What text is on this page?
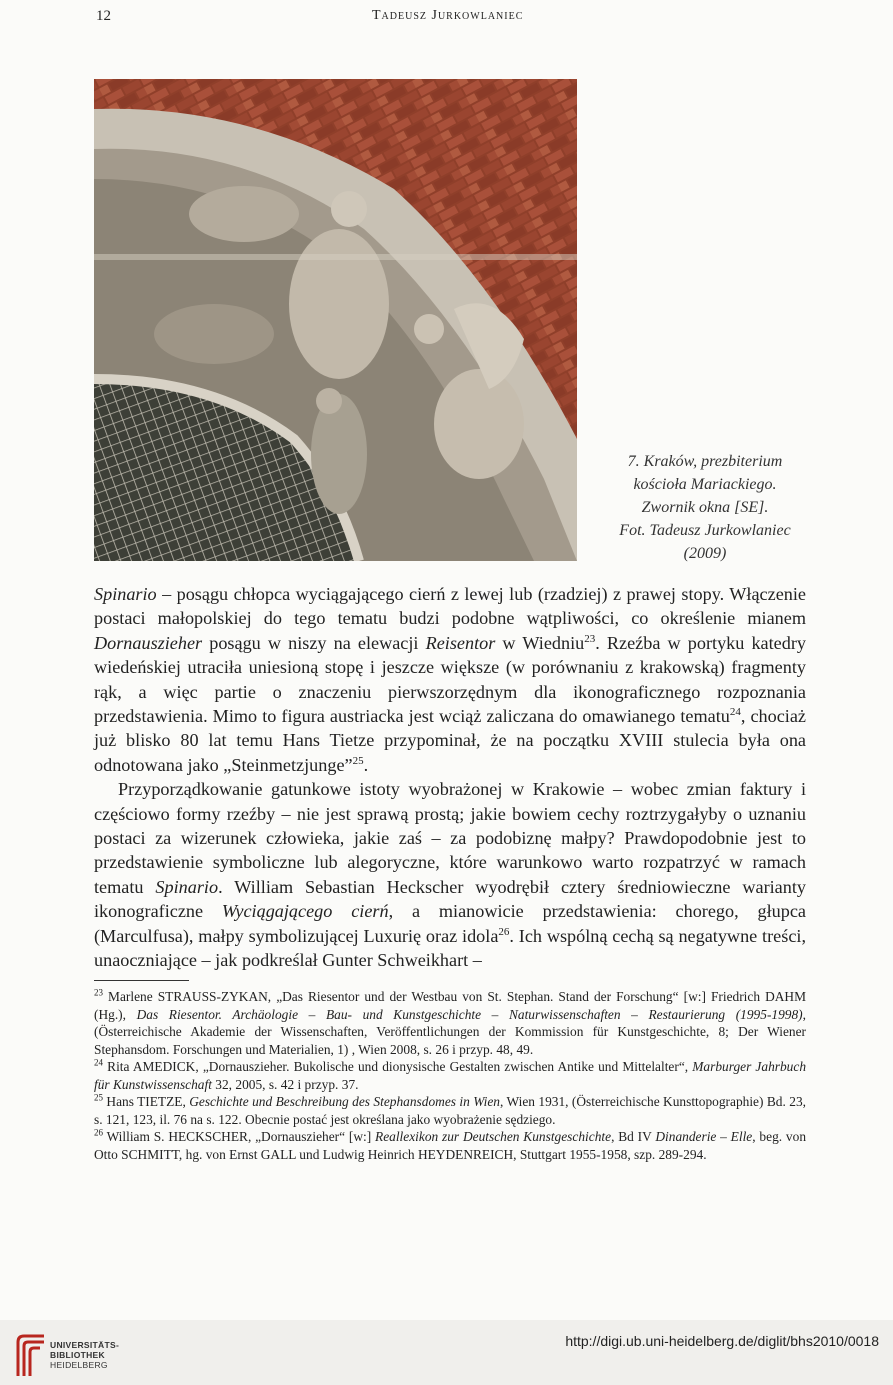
12	Tadeusz Jurkowlaniec
7. Kraków, prezbiterium
kościoła Mariackiego.
Zwornik okna [SE].
Fot. Tadeusz Jurkowlaniec
(2009)

Spinario – posągu chłopca wyciągającego cierń z lewej lub (rzadziej) z prawej stopy. Włączenie postaci małopolskiej do tego tematu budzi podobne wątpliwości, co określenie mianem Dornauszieher posągu w niszy na elewacji Reisentor w Wiedniu$^{23}$. Rzeźba w portyku katedry wiedeńskiej utraciła uniesioną stopę i jeszcze większe (w porównaniu z krakowską) fragmenty rąk, a więc partie o znaczeniu pierwszorzędnym dla ikonograficznego rozpoznania przedstawienia. Mimo to figura austriacka jest wciąż zaliczana do omawianego tematu$^{24}$, chociaż już blisko 80 lat temu Hans Tietze przypominał, że na początku XVIII stulecia była ona odnotowana jako „Steinmetzjunge”$^{25}$.

Przyporządkowanie gatunkowe istoty wyobrażonej w Krakowie – wobec zmian faktury i częściowo formy rzeźby – nie jest sprawą prostą; jakie bowiem cechy roztrzygałyby o uznaniu postaci za wizerunek człowieka, jakie zaś – za podobiznę małpy? Prawdopodobnie jest to przedstawienie symboliczne lub alegoryczne, które warunkowo warto rozpatrzyć w ramach tematu Spinario. William Sebastian Heckscher wyodrębił cztery średniowieczne warianty ikonograficzne Wyciągającego cierń, a mianowicie przedstawienia: chorego, głupca (Marculfusa), małpy symbolizującej Luxurię oraz idola$^{26}$. Ich wspólną cechą są negatywne treści, unaoczniające – jak podkreślał Gunter Schweikhart –

$^{23}$ Marlene STRAUSS-ZYKAN, „Das Riesentor und der Westbau von St. Stephan. Stand der Forschung“ [w:] Friedrich DAHM (Hg.), Das Riesentor. Archäologie – Bau- und Kunstgeschichte – Naturwissenschaften – Restaurierung (1995-1998), (Österreichische Akademie der Wissenschaften, Veröffentlichungen der Kommission für Kunstgeschichte, 8; Der Wiener Stephansdom. Forschungen und Materialien, 1) , Wien 2008, s. 26 i przyp. 48, 49.

$^{24}$ Rita AMEDICK, „Dornauszieher. Bukolische und dionysische Gestalten zwischen Antike und Mittelalter“, Marburger Jahrbuch für Kunstwissenschaft 32, 2005, s. 42 i przyp. 37.

$^{25}$ Hans TIETZE, Geschichte und Beschreibung des Stephansdomes in Wien, Wien 1931, (Österreichische Kunsttopographie) Bd. 23, s. 121, 123, il. 76 na s. 122. Obecnie postać jest określana jako wyobrażenie sędziego.

$^{26}$ William S. HECKSCHER, „Dornauszieher“ [w:] Reallexikon zur Deutschen Kunstgeschichte, Bd IV Dinanderie – Elle, beg. von Otto SCHMITT, hg. von Ernst GALL und Ludwig Heinrich HEYDENREICH, Stuttgart 1955-1958, szp. 289-294.

UNIVERSITÄTS-
BIBLIOTHEK
HEIDELBERG
http://digi.ub.uni-heidelberg.de/diglit/bhs2010/0018
